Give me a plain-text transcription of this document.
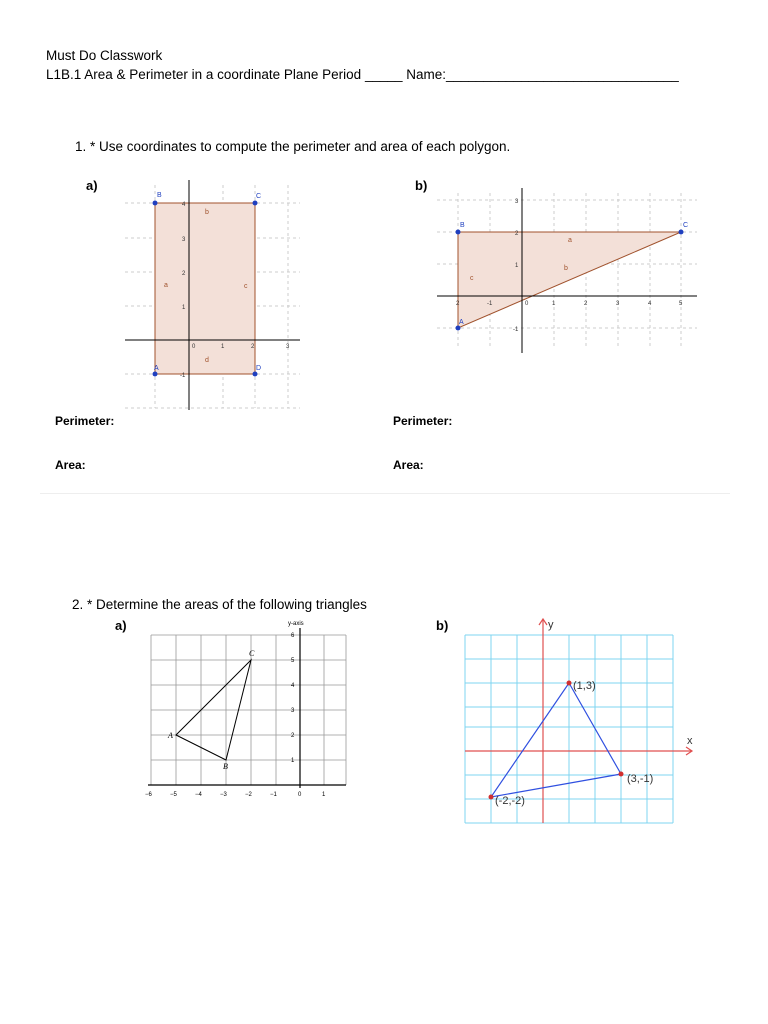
Must Do Classwork
L1B.1 Area & Perimeter in a coordinate Plane Period _____ Name:_______________________________
1. * Use coordinates to compute the perimeter and area of each polygon.
a)	b)
0	1	2	3
-1
1
2
3
4
A
B	C
D
a
b
c
d
2	-1	0	1	2	3	4	5
-1
1
2
3
A
B	C
a
b
c
Perimeter:	Perimeter:
Area:	Area:
2. * Determine the areas of the following triangles
a)	b)
y-axis
6
5
4
3
2
1
−6	−5	−4	−3	−2	−1	0	1
A
B
C
x
y
(1,3)
(3,-1)
(-2,-2)
